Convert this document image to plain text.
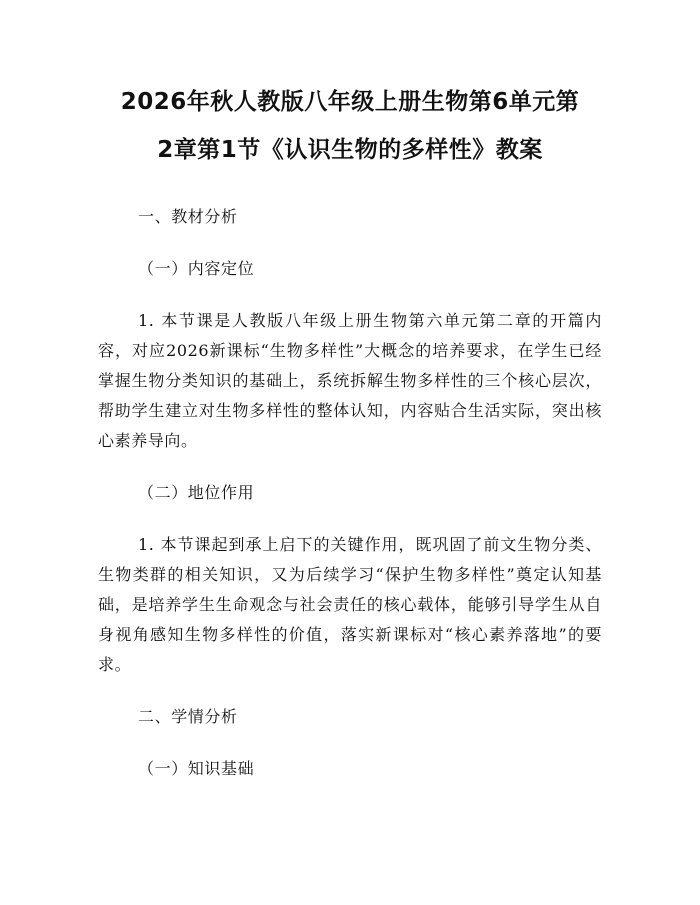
2026年秋人教版八年级上册生物第6单元第
2章第1节《认识生物的多样性》教案

一、教材分析

（一）内容定位

1. 本节课是人教版八年级上册生物第六单元第二章的开篇内容，对应2026新课标“生物多样性”大概念的培养要求，在学生已经掌握生物分类知识的基础上，系统拆解生物多样性的三个核心层次，帮助学生建立对生物多样性的整体认知，内容贴合生活实际，突出核心素养导向。

（二）地位作用

1. 本节课起到承上启下的关键作用，既巩固了前文生物分类、生物类群的相关知识，又为后续学习“保护生物多样性”奠定认知基础，是培养学生生命观念与社会责任的核心载体，能够引导学生从自身视角感知生物多样性的价值，落实新课标对“核心素养落地”的要求。

二、学情分析

（一）知识基础
